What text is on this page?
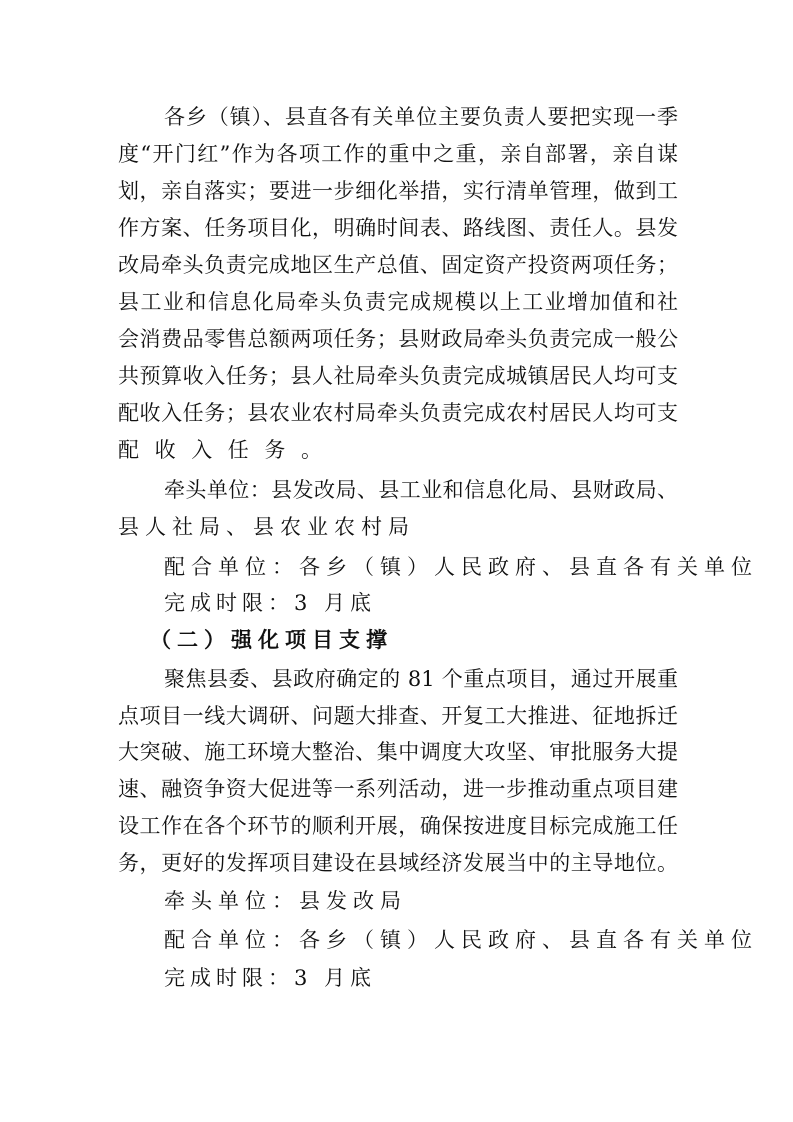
各乡（镇）、县直各有关单位主要负责人要把实现一季
度“开门红”作为各项工作的重中之重，亲自部署，亲自谋
划，亲自落实；要进一步细化举措，实行清单管理，做到工
作方案、任务项目化，明确时间表、路线图、责任人。县发
改局牵头负责完成地区生产总值、固定资产投资两项任务；
县工业和信息化局牵头负责完成规模以上工业增加值和社
会消费品零售总额两项任务；县财政局牵头负责完成一般公
共预算收入任务；县人社局牵头负责完成城镇居民人均可支
配收入任务；县农业农村局牵头负责完成农村居民人均可支
配收入任务。
牵头单位：县发改局、县工业和信息化局、县财政局、
县人社局、县农业农村局
配合单位：各乡（镇）人民政府、县直各有关单位
完成时限：3 月底
（二）强化项目支撑
聚焦县委、县政府确定的 81 个重点项目，通过开展重
点项目一线大调研、问题大排查、开复工大推进、征地拆迁
大突破、施工环境大整治、集中调度大攻坚、审批服务大提
速、融资争资大促进等一系列活动，进一步推动重点项目建
设工作在各个环节的顺利开展，确保按进度目标完成施工任
务，更好的发挥项目建设在县域经济发展当中的主导地位。
牵头单位：县发改局
配合单位：各乡（镇）人民政府、县直各有关单位
完成时限：3 月底
